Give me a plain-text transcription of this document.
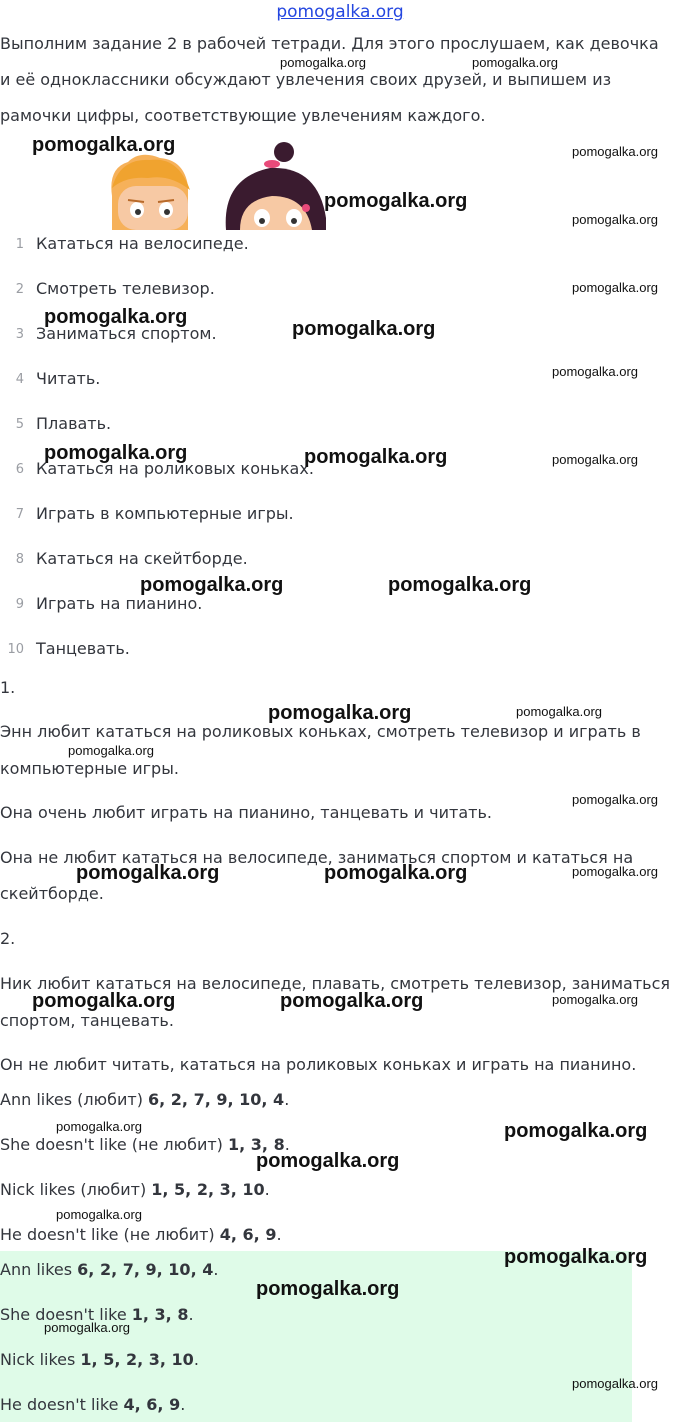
pomogalka.org
Выполним задание 2 в рабочей тетради. Для этого прослушаем, как девочка и её одноклассники обсуждают увлечения своих друзей, и выпишем из рамочки цифры, соответствующие увлечениям каждого.
1 Кататься на велосипеде.
2 Смотреть телевизор.
3 Заниматься спортом.
4 Читать.
5 Плавать.
6 Кататься на роликовых коньках.
7 Играть в компьютерные игры.
8 Кататься на скейтборде.
9 Играть на пианино.
10 Танцевать.
1.
Энн любит кататься на роликовых коньках, смотреть телевизор и играть в
компьютерные игры.
Она очень любит играть на пианино, танцевать и читать.
Она не любит кататься на велосипеде, заниматься спортом и кататься на
скейтборде.
2.
Ник любит кататься на велосипеде, плавать, смотреть телевизор, заниматься
спортом, танцевать.
Он не любит читать, кататься на роликовых коньках и играть на пианино.
Ann likes (любит) 6, 2, 7, 9, 10, 4.
She doesn't like (не любит) 1, 3, 8.
Nick likes (любит) 1, 5, 2, 3, 10.
He doesn't like (не любит) 4, 6, 9.
Ann likes 6, 2, 7, 9, 10, 4.
She doesn't like 1, 3, 8.
Nick likes 1, 5, 2, 3, 10.
He doesn't like 4, 6, 9.
pomogalka.org	pomogalka.org
pomogalka.org	pomogalka.org
pomogalka.org
pomogalka.org
pomogalka.org
pomogalka.org
pomogalka.org
pomogalka.org
pomogalka.org	pomogalka.org	pomogalka.org
pomogalka.org	pomogalka.org
pomogalka.org	pomogalka.org
pomogalka.org
pomogalka.org
pomogalka.org	pomogalka.org	pomogalka.org
pomogalka.org	pomogalka.org	pomogalka.org
pomogalka.org	pomogalka.org
pomogalka.org
pomogalka.org
pomogalka.org
pomogalka.org
pomogalka.org
pomogalka.org
